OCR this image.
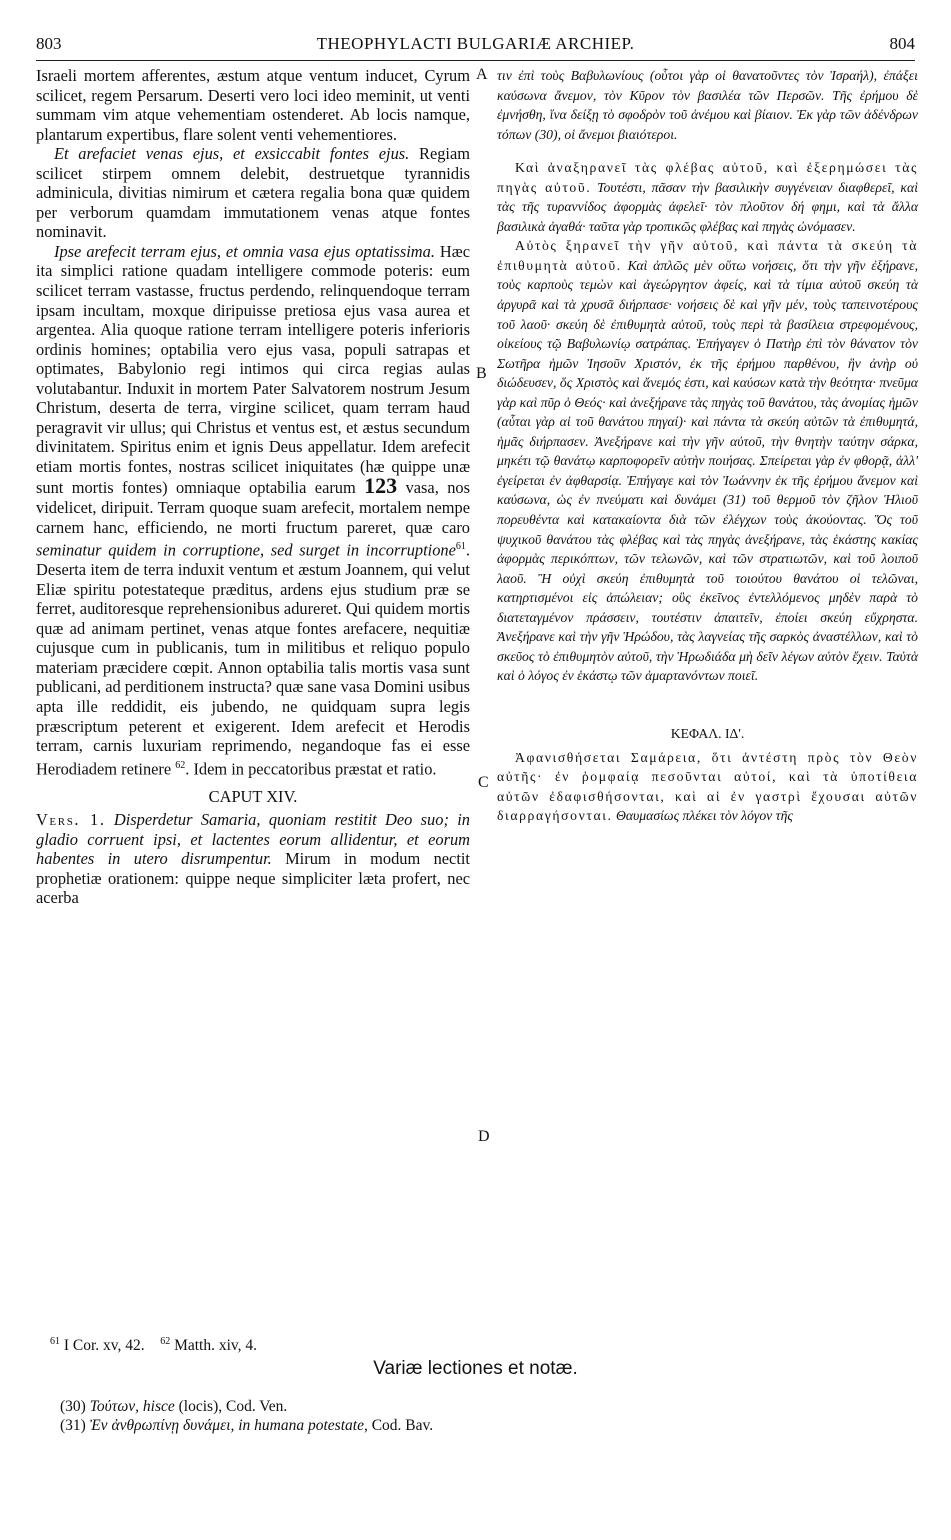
803	THEOPHYLACTI BULGARIÆ ARCHIEP.	804
A
B
C
D

Israeli mortem afferentes, æstum atque ventum inducet, Cyrum scilicet, regem Persarum. Deserti vero loci ideo meminit, ut venti summam vim atque vehementiam ostenderet. Ab locis namque, plantarum expertibus, flare solent venti vehementiores.

Et arefaciet venas ejus, et exsiccabit fontes ejus. Regiam scilicet stirpem omnem delebit, destruetque tyrannidis adminicula, divitias nimirum et cætera regalia bona quæ quidem per verborum quamdam immutationem venas atque fontes nominavit.

Ipse arefecit terram ejus, et omnia vasa ejus optatissima. Hæc ita simplici ratione quadam intelligere commode poteris: eum scilicet terram vastasse, fructus perdendo, relinquendoque terram ipsam incultam, moxque diripuisse pretiosa ejus vasa aurea et argentea. Alia quoque ratione terram intelligere poteris inferioris ordinis homines; optabilia vero ejus vasa, populi satrapas et optimates, Babylonio regi intimos qui circa regias aulas volutabantur. Induxit in mortem Pater Salvatorem nostrum Jesum Christum, deserta de terra, virgine scilicet, quam terram haud peragravit vir ullus; qui Christus et ventus est, et æstus secundum divinitatem. Spiritus enim et ignis Deus appellatur. Idem arefecit etiam mortis fontes, nostras scilicet iniquitates (hæ quippe unæ sunt mortis fontes) omniaque optabilia earum 123 vasa, nos videlicet, diripuit. Terram quoque suam arefecit, mortalem nempe carnem hanc, efficiendo, ne morti fructum pareret, quæ caro seminatur quidem in corruptione, sed surget in incorruptione$^{61}$. Deserta item de terra induxit ventum et æstum Joannem, qui velut Eliæ spiritu potestateque præditus, ardens ejus studium præ se ferret, auditoresque reprehensionibus adureret. Qui quidem mortis quæ ad animam pertinet, venas atque fontes arefacere, nequitiæ cujusque cum in publicanis, tum in militibus et reliquo populo materiam præcidere cœpit. Annon optabilia talis mortis vasa sunt publicani, ad perditionem instructa? quæ sane vasa Domini usibus apta ille reddidit, eis jubendo, ne quidquam supra legis præscriptum peterent et exigerent. Idem arefecit et Herodis terram, carnis luxuriam reprimendo, negandoque fas ei esse Herodiadem retinere $^{62}$. Idem in peccatoribus præstat et ratio.

CAPUT XIV.

Vers. 1. Disperdetur Samaria, quoniam restitit Deo suo; in gladio corruent ipsi, et lactentes eorum allidentur, et eorum habentes in utero disrumpentur. Mirum in modum nectit prophetiæ orationem: quippe neque simpliciter læta profert, nec acerba

τιν ἐπὶ τοὺς Βαβυλωνίους (οὗτοι γὰρ οἱ θανατοῦντες τὸν Ἰσραήλ), ἐπάξει καύσωνα ἄνεμον, τὸν Κῦρον τὸν βασιλέα τῶν Περσῶν. Τῆς ἐρήμου δὲ ἐμνήσθη, ἵνα δείξῃ τὸ σφοδρὸν τοῦ ἀνέμου καὶ βίαιον. Ἐκ γὰρ τῶν ἀδένδρων τόπων (30), οἱ ἄνεμοι βιαιότεροι.

Καὶ ἀναξηρανεῖ τὰς φλέβας αὐτοῦ, καὶ ἐξερημώσει τὰς πηγὰς αὐτοῦ. Τουτέστι, πᾶσαν τὴν βασιλικὴν συγγένειαν διαφθερεῖ, καὶ τὰς τῆς τυραννίδος ἀφορμὰς ἀφελεῖ· τὸν πλοῦτον δή φημι, καὶ τὰ ἄλλα βασιλικὰ ἀγαθά· ταῦτα γὰρ τροπικῶς φλέβας καὶ πηγὰς ὠνόμασεν.

Αὐτὸς ξηρανεῖ τὴν γῆν αὐτοῦ, καὶ πάντα τὰ σκεύη τὰ ἐπιθυμητὰ αὐτοῦ. Καὶ ἁπλῶς μὲν οὕτω νοήσεις, ὅτι τὴν γῆν ἐξήρανε, τοὺς καρποὺς τεμὼν καὶ ἀγεώργητον ἀφείς, καὶ τὰ τίμια αὐτοῦ σκεύη τὰ ἀργυρᾶ καὶ τὰ χρυσᾶ διήρπασε· νοήσεις δὲ καὶ γῆν μέν, τοὺς ταπεινοτέρους τοῦ λαοῦ· σκεύη δὲ ἐπιθυμητὰ αὐτοῦ, τοὺς περὶ τὰ βασίλεια στρεφομένους, οἰκείους τῷ Βαβυλωνίῳ σατράπας. Ἐπήγαγεν ὁ Πατὴρ ἐπὶ τὸν θάνατον τὸν Σωτῆρα ἡμῶν Ἰησοῦν Χριστόν, ἐκ τῆς ἐρήμου παρθένου, ἣν ἀνὴρ οὐ διώδευσεν, ὅς Χριστὸς καὶ ἄνεμός ἐστι, καὶ καύσων κατὰ τὴν θεότητα· πνεῦμα γὰρ καὶ πῦρ ὁ Θεός· καὶ ἀνεξήρανε τὰς πηγὰς τοῦ θανάτου, τὰς ἀνομίας ἡμῶν (αὗται γὰρ αἱ τοῦ θανάτου πηγαί)· καὶ πάντα τὰ σκεύη αὐτῶν τὰ ἐπιθυμητά, ἡμᾶς διήρπασεν. Ἀνεξήρανε καὶ τὴν γῆν αὐτοῦ, τὴν θνητὴν ταύτην σάρκα, μηκέτι τῷ θανάτῳ καρποφορεῖν αὐτὴν ποιήσας. Σπείρεται γὰρ ἐν φθορᾷ, ἀλλ' ἐγείρεται ἐν ἀφθαρσίᾳ. Ἐπήγαγε καὶ τὸν Ἰωάννην ἐκ τῆς ἐρήμου ἄνεμον καὶ καύσωνα, ὡς ἐν πνεύματι καὶ δυνάμει (31) τοῦ θερμοῦ τὸν ζῆλον Ἡλιοῦ πορευθέντα καὶ κατακαίοντα διὰ τῶν ἐλέγχων τοὺς ἀκούοντας. Ὅς τοῦ ψυχικοῦ θανάτου τὰς φλέβας καὶ τὰς πηγὰς ἀνεξήρανε, τὰς ἑκάστης κακίας ἀφορμὰς περικόπτων, τῶν τελωνῶν, καὶ τῶν στρατιωτῶν, καὶ τοῦ λοιποῦ λαοῦ. Ἢ οὐχὶ σκεύη ἐπιθυμητὰ τοῦ τοιούτου θανάτου οἱ τελῶναι, κατηρτισμένοι εἰς ἀπώλειαν; οὓς ἐκεῖνος ἐντελλόμενος μηδὲν παρὰ τὸ διατεταγμένον πράσσειν, τουτέστιν ἀπαιτεῖν, ἐποίει σκεύη εὔχρηστα. Ἀνεξήρανε καὶ τὴν γῆν Ἡρώδου, τὰς λαγνείας τῆς σαρκὸς ἀναστέλλων, καὶ τὸ σκεῦος τὸ ἐπιθυμητὸν αὐτοῦ, τὴν Ἡρωδιάδα μὴ δεῖν λέγων αὐτὸν ἔχειν. Ταὐτὰ καὶ ὁ λόγος ἐν ἑκάστῳ τῶν ἁμαρτανόντων ποιεῖ.

ΚΕΦΑΛ. ΙΔ'.

Ἀφανισθήσεται Σαμάρεια, ὅτι ἀντέστη πρὸς τὸν Θεὸν αὐτῆς· ἐν ῥομφαίᾳ πεσοῦνται αὐτοί, καὶ τὰ ὑποτίθεια αὐτῶν ἐδαφισθήσονται, καὶ αἱ ἐν γαστρὶ ἔχουσαι αὐτῶν διαρραγήσονται. Θαυμασίως πλέκει τὸν λόγον τῆς

$^{61}$ I Cor. xv, 42. $^{62}$ Matth. xiv, 4.
Variæ lectiones et notæ.
(30) Τούτων, hisce (locis), Cod. Ven.
(31) Ἐν ἀνθρωπίνῃ δυνάμει, in humana potestate, Cod. Bav.
